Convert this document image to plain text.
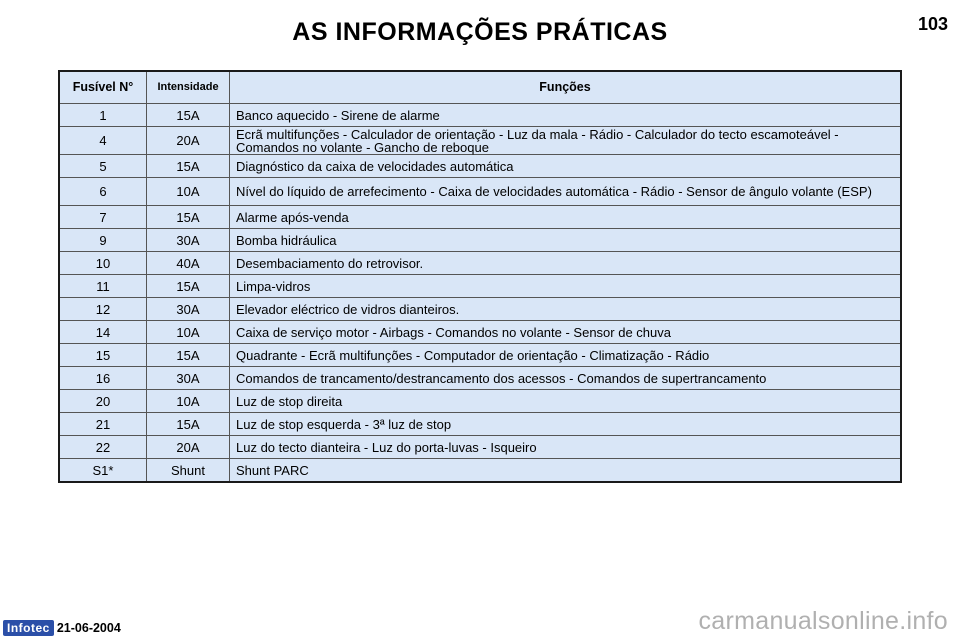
AS INFORMAÇÕES PRÁTICAS	103
Fusível N°	Intensidade	Funções
1	15A	Banco aquecido - Sirene de alarme
4	20A	Ecrã multifunções - Calculador de orientação - Luz da mala - Rádio - Calculador do tecto escamoteável - Comandos no volante - Gancho de reboque
5	15A	Diagnóstico da caixa de velocidades automática
6	10A	Nível do líquido de arrefecimento - Caixa de velocidades automática - Rádio - Sensor de ângulo volante (ESP)
7	15A	Alarme após-venda
9	30A	Bomba hidráulica
10	40A	Desembaciamento do retrovisor.
11	15A	Limpa-vidros
12	30A	Elevador eléctrico de vidros dianteiros.
14	10A	Caixa de serviço motor - Airbags - Comandos no volante - Sensor de chuva
15	15A	Quadrante - Ecrã multifunções - Computador de orientação - Climatização - Rádio
16	30A	Comandos de trancamento/destrancamento dos acessos - Comandos de supertrancamento
20	10A	Luz de stop direita
21	15A	Luz de stop esquerda - 3ª luz de stop
22	20A	Luz do tecto dianteira - Luz do porta-luvas - Isqueiro
S1*	Shunt	Shunt PARC
Infotec 21-06-2004	carmanualsonline.info
